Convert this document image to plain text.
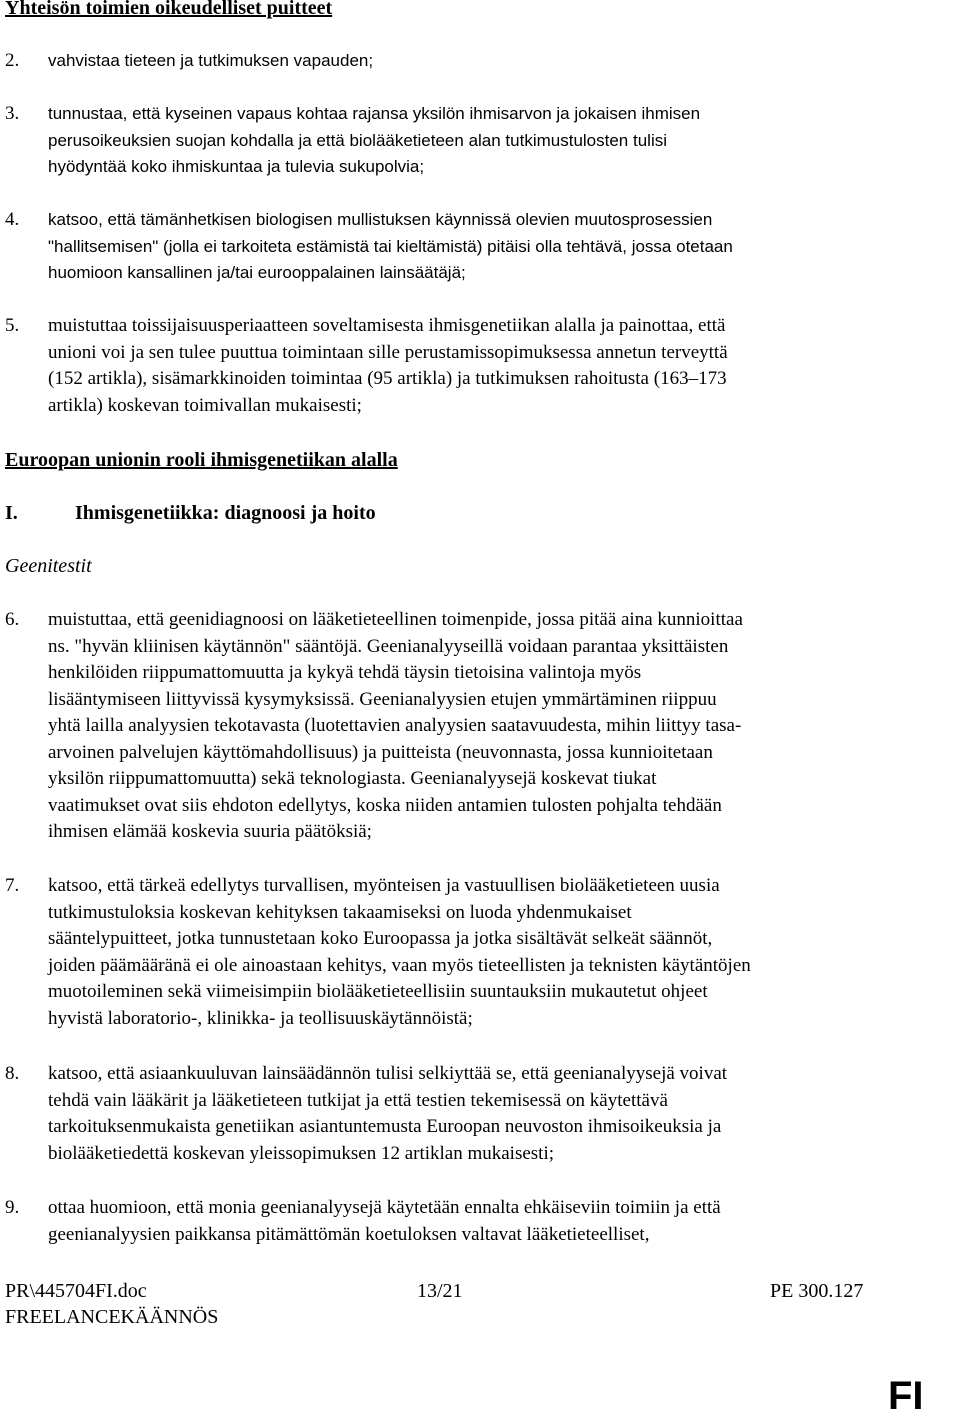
Yhteisön toimien oikeudelliset puitteet
2. vahvistaa tieteen ja tutkimuksen vapauden;
3. tunnustaa, että kyseinen vapaus kohtaa rajansa yksilön ihmisarvon ja jokaisen ihmisen
perusoikeuksien suojan kohdalla ja että biolääketieteen alan tutkimustulosten tulisi
hyödyntää koko ihmiskuntaa ja tulevia sukupolvia;
4. katsoo, että tämänhetkisen biologisen mullistuksen käynnissä olevien muutosprosessien
"hallitsemisen" (jolla ei tarkoiteta estämistä tai kieltämistä) pitäisi olla tehtävä, jossa otetaan
huomioon kansallinen ja/tai eurooppalainen lainsäätäjä;
5. muistuttaa toissijaisuusperiaatteen soveltamisesta ihmisgenetiikan alalla ja painottaa, että
unioni voi ja sen tulee puuttua toimintaan sille perustamissopimuksessa annetun terveyttä
(152 artikla), sisämarkkinoiden toimintaa (95 artikla) ja tutkimuksen rahoitusta (163–173
artikla) koskevan toimivallan mukaisesti;
Euroopan unionin rooli ihmisgenetiikan alalla
I.	Ihmisgenetiikka: diagnoosi ja hoito
Geenitestit
6. muistuttaa, että geenidiagnoosi on lääketieteellinen toimenpide, jossa pitää aina kunnioittaa
ns. "hyvän kliinisen käytännön" sääntöjä. Geenianalyyseillä voidaan parantaa yksittäisten
henkilöiden riippumattomuutta ja kykyä tehdä täysin tietoisina valintoja myös
lisääntymiseen liittyvissä kysymyksissä. Geenianalyysien etujen ymmärtäminen riippuu
yhtä lailla analyysien tekotavasta (luotettavien analyysien saatavuudesta, mihin liittyy tasa-
arvoinen palvelujen käyttömahdollisuus) ja puitteista (neuvonnasta, jossa kunnioitetaan
yksilön riippumattomuutta) sekä teknologiasta. Geenianalyysejä koskevat tiukat
vaatimukset ovat siis ehdoton edellytys, koska niiden antamien tulosten pohjalta tehdään
ihmisen elämää koskevia suuria päätöksiä;
7. katsoo, että tärkeä edellytys turvallisen, myönteisen ja vastuullisen biolääketieteen uusia
tutkimustuloksia koskevan kehityksen takaamiseksi on luoda yhdenmukaiset
sääntelypuitteet, jotka tunnustetaan koko Euroopassa ja jotka sisältävät selkeät säännöt,
joiden päämääränä ei ole ainoastaan kehitys, vaan myös tieteellisten ja teknisten käytäntöjen
muotoileminen sekä viimeisimpiin biolääketieteellisiin suuntauksiin mukautetut ohjeet
hyvistä laboratorio-, klinikka- ja teollisuuskäytännöistä;
8. katsoo, että asiaankuuluvan lainsäädännön tulisi selkiyttää se, että geenianalyysejä voivat
tehdä vain lääkärit ja lääketieteen tutkijat ja että testien tekemisessä on käytettävä
tarkoituksenmukaista genetiikan asiantuntemusta Euroopan neuvoston ihmisoikeuksia ja
biolääketiedettä koskevan yleissopimuksen 12 artiklan mukaisesti;
9. ottaa huomioon, että monia geenianalyysejä käytetään ennalta ehkäiseviin toimiin ja että
geenianalyysien paikkansa pitämättömän koetuloksen valtavat lääketieteelliset,
PR\445704FI.doc	13/21	PE 300.127
FREELANCEKÄÄNNÖS
FI
